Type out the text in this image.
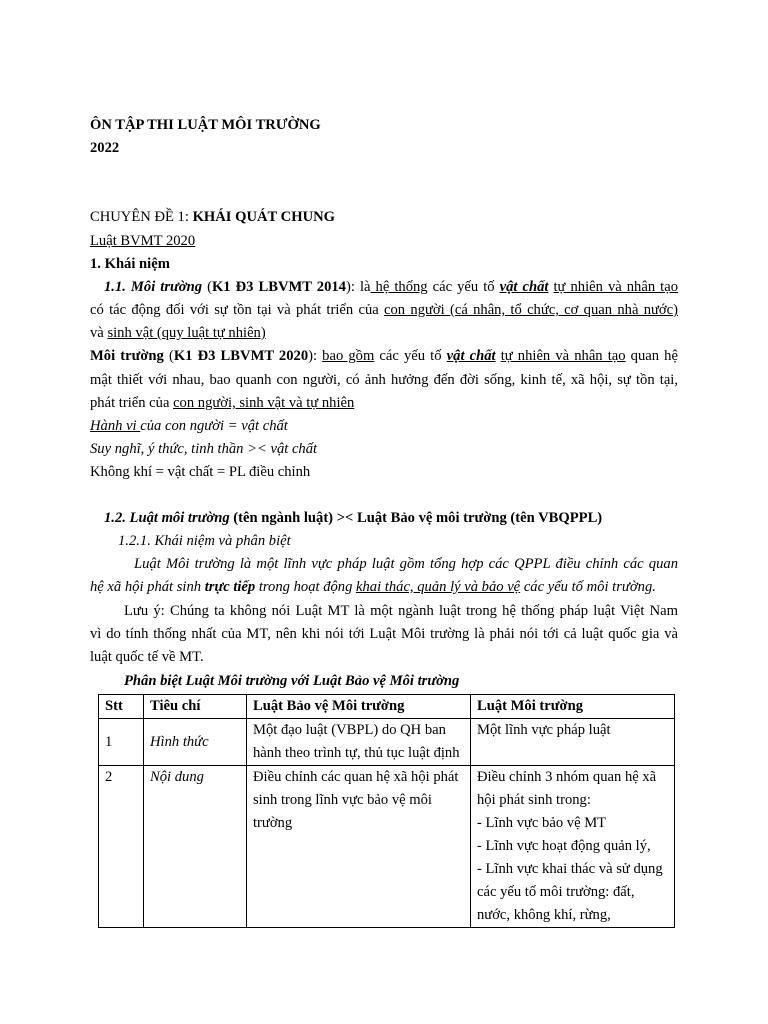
ÔN TẬP THI LUẬT MÔI TRƯỜNG
2022
CHUYÊN ĐỀ 1: KHÁI QUÁT CHUNG
Luật BVMT 2020
1. Khái niệm
1.1. Môi trường (K1 Đ3 LBVMT 2014): là hệ thống các yếu tố vật chất tự nhiên và nhân tạo
có tác động đối với sự tồn tại và phát triển của con người (cá nhân, tổ chức, cơ quan nhà nước)
và sinh vật (quy luật tự nhiên)
Môi trường (K1 Đ3 LBVMT 2020): bao gồm các yếu tố vật chất tự nhiên và nhân tạo quan hệ
mật thiết với nhau, bao quanh con người, có ảnh hưởng đến đời sống, kinh tế, xã hội, sự tồn tại,
phát triển của con người, sinh vật và tự nhiên
Hành vi của con người = vật chất
Suy nghĩ, ý thức, tinh thần >< vật chất
Không khí = vật chất = PL điều chỉnh
1.2. Luật môi trường (tên ngành luật) >< Luật Bảo vệ môi trường (tên VBQPPL)
1.2.1. Khái niệm và phân biệt
Luật Môi trường là một lĩnh vực pháp luật gồm tổng hợp các QPPL điều chỉnh các quan
hệ xã hội phát sinh trực tiếp trong hoạt động khai thác, quản lý và bảo vệ các yếu tố môi trường.
Lưu ý: Chúng ta không nói Luật MT là một ngành luật trong hệ thống pháp luật Việt Nam
vì do tính thống nhất của MT, nên khi nói tới Luật Môi trường là phải nói tới cả luật quốc gia và
luật quốc tế về MT.
Phân biệt Luật Môi trường với Luật Bảo vệ Môi trường
Stt	Tiêu chí	Luật Bảo vệ Môi trường	Luật Môi trường
1	Hình thức	Một đạo luật (VBPL) do QH ban hành theo trình tự, thủ tục luật định	Một lĩnh vực pháp luật
2	Nội dung	Điều chỉnh các quan hệ xã hội phát sinh trong lĩnh vực bảo vệ môi trường	Điều chỉnh 3 nhóm quan hệ xã hội phát sinh trong:

- Lĩnh vực bảo vệ MT

- Lĩnh vực hoạt động quản lý,

- Lĩnh vực khai thác và sử dụng các yếu tố môi trường: đất, nước, không khí, rừng,
